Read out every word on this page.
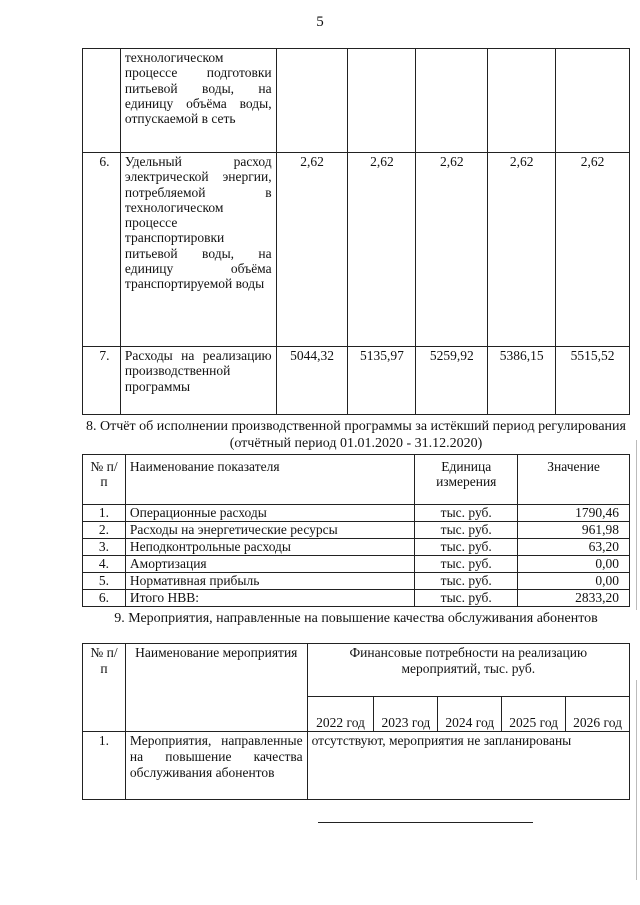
5
	технологическом процессе подготовки питьевой воды, на единицу объёма воды, отпускаемой в сеть					
6.	Удельный расход электрической энергии, потребляемой в технологическом процессе транспортировки питьевой воды, на единицу объёма транспортируемой воды	2,62	2,62	2,62	2,62	2,62
7.	Расходы на реализацию производственной программы	5044,32	5135,97	5259,92	5386,15	5515,52
8. Отчёт об исполнении производственной программы за истёкший период регулирования (отчётный период 01.01.2020 - 31.12.2020)
№ п/п	Наименование показателя	Единица измерения	Значение
1.	Операционные расходы	тыс. руб.	1790,46
2.	Расходы на энергетические ресурсы	тыс. руб.	961,98
3.	Неподконтрольные расходы	тыс. руб.	63,20
4.	Амортизация	тыс. руб.	0,00
5.	Нормативная прибыль	тыс. руб.	0,00
6.	Итого НВВ:	тыс. руб.	2833,20
9. Мероприятия, направленные на повышение качества обслуживания абонентов
№ п/п	Наименование мероприятия	Финансовые потребности на реализацию мероприятий, тыс. руб.				
		2022 год	2023 год	2024 год	2025 год	2026 год
1.	Мероприятия, направленные на повышение качества обслуживания абонентов	отсутствуют, мероприятия не запланированы				
